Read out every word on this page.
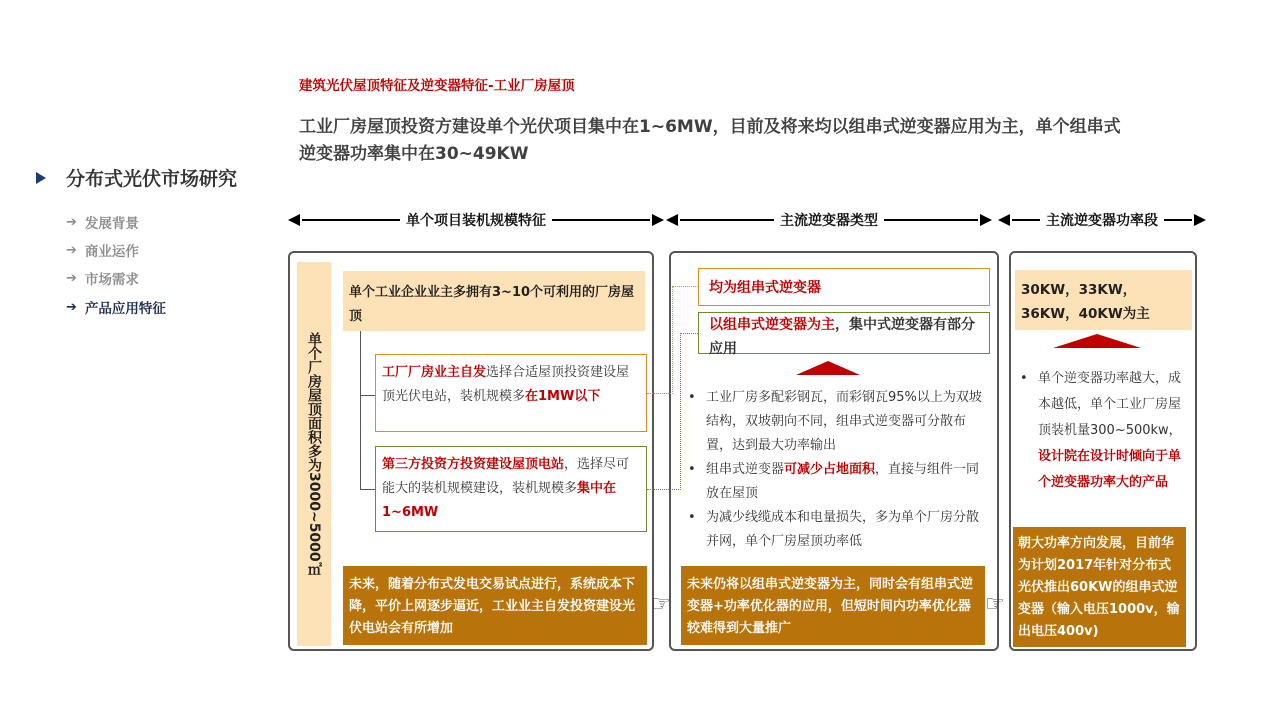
分布式光伏市场研究
➔ 发展背景
➔ 商业运作
➔ 市场需求
➔ 产品应用特征
建筑光伏屋顶特征及逆变器特征-工业厂房屋顶
工业厂房屋顶投资方建设单个光伏项目集中在1~6MW，目前及将来均以组串式逆变器应用为主，单个组串式
逆变器功率集中在30~49KW
单个项目装机规模特征	主流逆变器类型	主流逆变器功率段
单个厂房屋顶面积多为3000~5000㎡
单个工业企业业主多拥有3~10个可利用的厂房屋顶
工厂厂房业主自发选择合适屋顶投资建设屋顶光伏电站，装机规模多在1MW以下
第三方投资方投资建设屋顶电站，选择尽可能大的装机规模建设，装机规模多集中在1~6MW
未来，随着分布式发电交易试点进行，系统成本下降，平价上网逐步逼近，工业业主自发投资建设光伏电站会有所增加
均为组串式逆变器
以组串式逆变器为主，集中式逆变器有部分应用
• 工业厂房多配彩钢瓦，而彩钢瓦95%以上为双坡结构，双坡朝向不同，组串式逆变器可分散布置，达到最大功率输出
• 组串式逆变器可减少占地面积，直接与组件一同放在屋顶
• 为减少线缆成本和电量损失，多为单个厂房分散并网，单个厂房屋顶功率低
未来仍将以组串式逆变器为主，同时会有组串式逆变器+功率优化器的应用，但短时间内功率优化器较难得到大量推广
☞	☞
30KW，33KW，36KW，40KW为主
• 单个逆变器功率越大，成本越低，单个工业厂房屋顶装机量300~500kw，设计院在设计时倾向于单个逆变器功率大的产品
朝大功率方向发展，目前华为计划2017年针对分布式光伏推出60KW的组串式逆变器（输入电压1000v，输出电压400v)
